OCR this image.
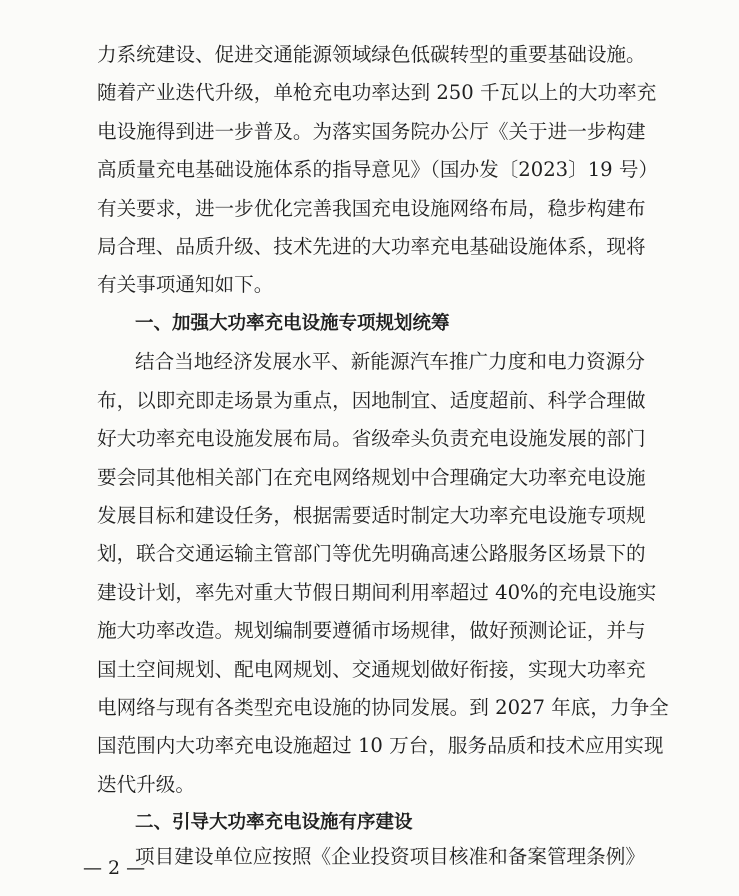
力系统建设、促进交通能源领域绿色低碳转型的重要基础设施。
随着产业迭代升级，单枪充电功率达到 250 千瓦以上的大功率充
电设施得到进一步普及。为落实国务院办公厅《关于进一步构建
高质量充电基础设施体系的指导意见》（国办发〔2023〕19 号）
有关要求，进一步优化完善我国充电设施网络布局，稳步构建布
局合理、品质升级、技术先进的大功率充电基础设施体系，现将
有关事项通知如下。
一、加强大功率充电设施专项规划统筹
结合当地经济发展水平、新能源汽车推广力度和电力资源分
布，以即充即走场景为重点，因地制宜、适度超前、科学合理做
好大功率充电设施发展布局。省级牵头负责充电设施发展的部门
要会同其他相关部门在充电网络规划中合理确定大功率充电设施
发展目标和建设任务，根据需要适时制定大功率充电设施专项规
划，联合交通运输主管部门等优先明确高速公路服务区场景下的
建设计划，率先对重大节假日期间利用率超过 40%的充电设施实
施大功率改造。规划编制要遵循市场规律，做好预测论证，并与
国土空间规划、配电网规划、交通规划做好衔接，实现大功率充
电网络与现有各类型充电设施的协同发展。到 2027 年底，力争全
国范围内大功率充电设施超过 10 万台，服务品质和技术应用实现
迭代升级。
二、引导大功率充电设施有序建设
项目建设单位应按照《企业投资项目核准和备案管理条例》
— 2 —
